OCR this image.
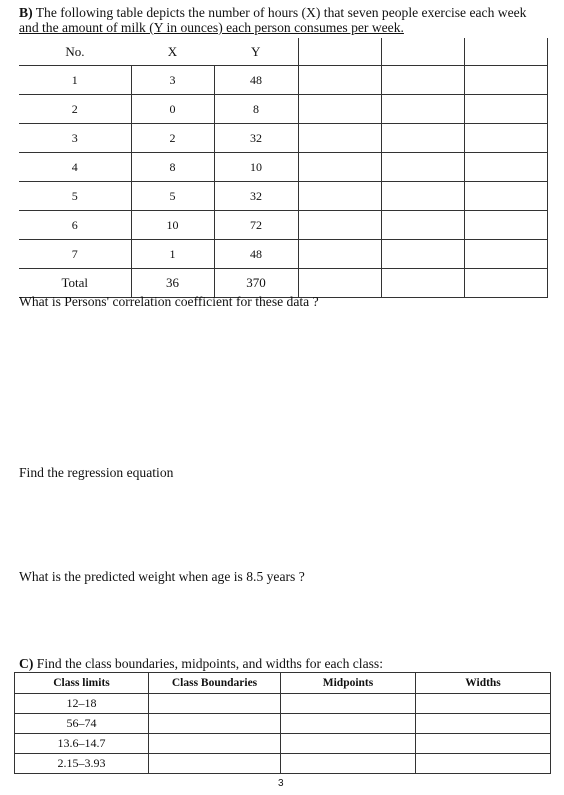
B) The following table depicts the number of hours (X) that seven people exercise each week
and the amount of milk (Y in ounces) each person consumes per week.
No.	X	Y			
1	3	48			
2	0	8			
3	2	32			
4	8	10			
5	5	32			
6	10	72			
7	1	48			
Total	36	370			
What is Persons' correlation coefficient for these data ?
Find the regression equation
What is the predicted weight when age is 8.5 years ?
C) Find the class boundaries, midpoints, and widths for each class:
Class limits	Class Boundaries	Midpoints	Widths
12–18			
56–74			
13.6–14.7			
2.15–3.93			
3
